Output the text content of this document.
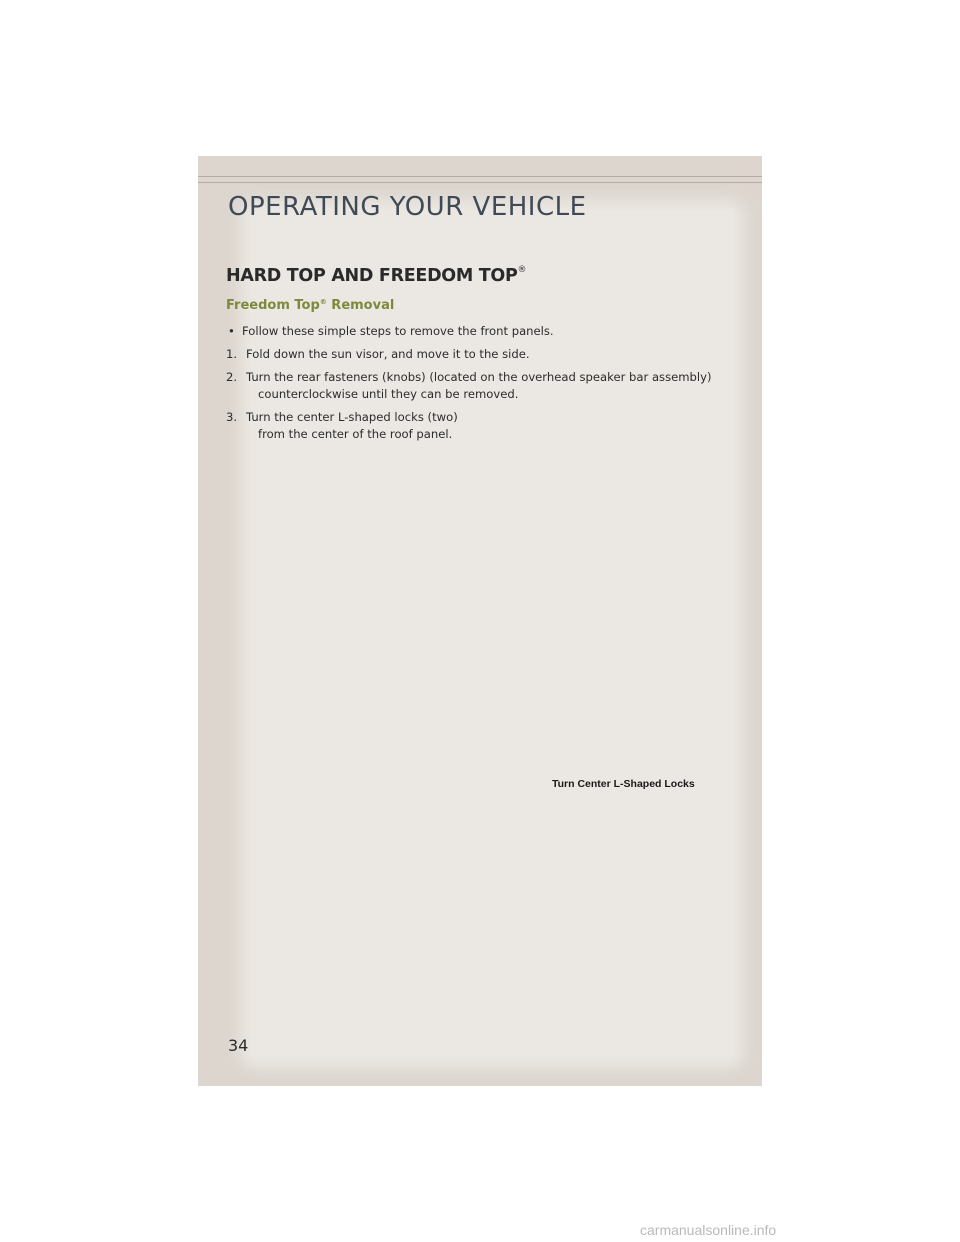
OPERATING YOUR VEHICLE
HARD TOP AND FREEDOM TOP®
Freedom Top® Removal

• Follow these simple steps to remove the front panels.

1. Fold down the sun visor, and move it to the side.

2. Turn the rear fasteners (knobs) (located on the overhead speaker bar assembly)
counterclockwise until they can be removed.

3. Turn the center L-shaped locks (two)
from the center of the roof panel.

Turn Center L-Shaped Locks
34
carmanualsonline.info
